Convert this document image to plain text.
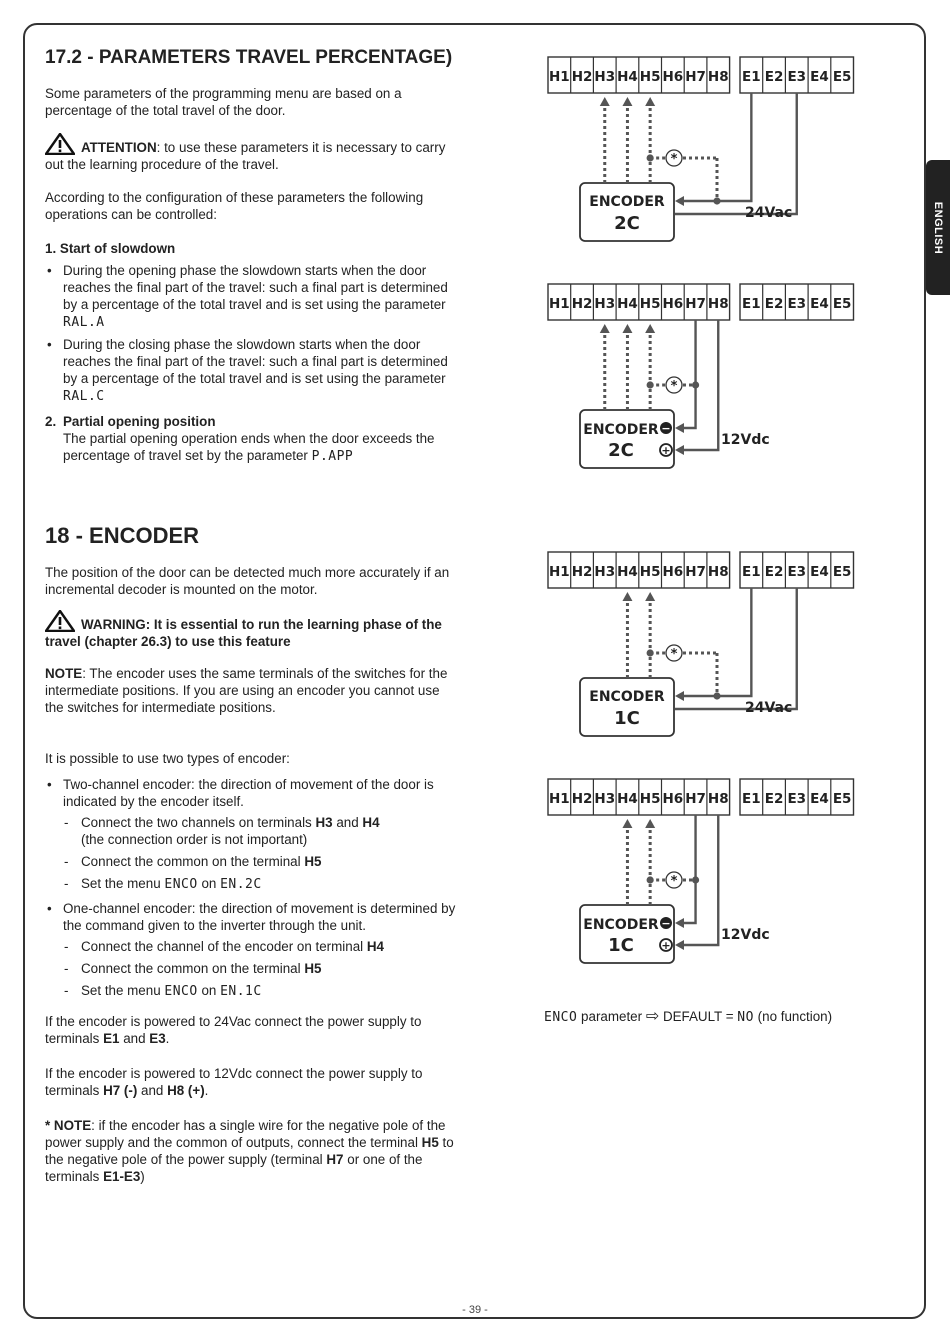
ENGLISH
17.2 - PARAMETERS TRAVEL PERCENTAGE)

Some parameters of the programming menu are based on a percentage of the total travel of the door.

ATTENTION: to use these parameters it is necessary to carry out the learning procedure of the travel.

According to the configuration of these parameters the following operations can be controlled:

1. Start of slowdown

• During the opening phase the slowdown starts when the door reaches the final part of the travel: such a final part is determined by a percentage of the total travel and is set using the parameter RAL.A
• During the closing phase the slowdown starts when the door reaches the final part of the travel: such a final part is determined by a percentage of the total travel and is set using the parameter RAL.C
2. Partial opening position
The partial opening operation ends when the door exceeds the percentage of travel set by the parameter P.APP
18 - ENCODER

The position of the door can be detected much more accurately if an incremental decoder is mounted on the motor.

WARNING: It is essential to run the learning phase of the travel (chapter 26.3) to use this feature

NOTE: The encoder uses the same terminals of the switches for the intermediate positions. If you are using an encoder you cannot use the switches for intermediate positions.

It is possible to use two types of encoder:

• Two-channel encoder: the direction of movement of the door is indicated by the encoder itself.
- Connect the two channels on terminals H3 and H4
(the connection order is not important)
- Connect the common on the terminal H5
- Set the menu ENCO on EN.2C
• One-channel encoder: the direction of movement is determined by the command given to the inverter through the unit.
- Connect the channel of the encoder on terminal H4
- Connect the common on the terminal H5
- Set the menu ENCO on EN.1C

If the encoder is powered to 24Vac connect the power supply to terminals E1 and E3.

If the encoder is powered to 12Vdc connect the power supply to terminals H7 (-) and H8 (+).

* NOTE: if the encoder has a single wire for the negative pole of the power supply and the common of outputs, connect the terminal H5 to the negative pole of the power supply (terminal H7 or one of the terminals E1-E3)

H1 H2 H3 H4 H5 H6 H7 H8 E1 E2 E3 E4 E5
ENCODER
2C
*
24Vac
H1 H2 H3 H4 H5 H6 H7 H8 E1 E2 E3 E4 E5
ENCODER
2C
*
−
+
12Vdc
H1 H2 H3 H4 H5 H6 H7 H8 E1 E2 E3 E4 E5
ENCODER
1C
*
24Vac
H1 H2 H3 H4 H5 H6 H7 H8 E1 E2 E3 E4 E5
ENCODER
1C
*
−
+
12Vdc
ENCO parameter ⇨ DEFAULT = NO (no function)
- 39 -
